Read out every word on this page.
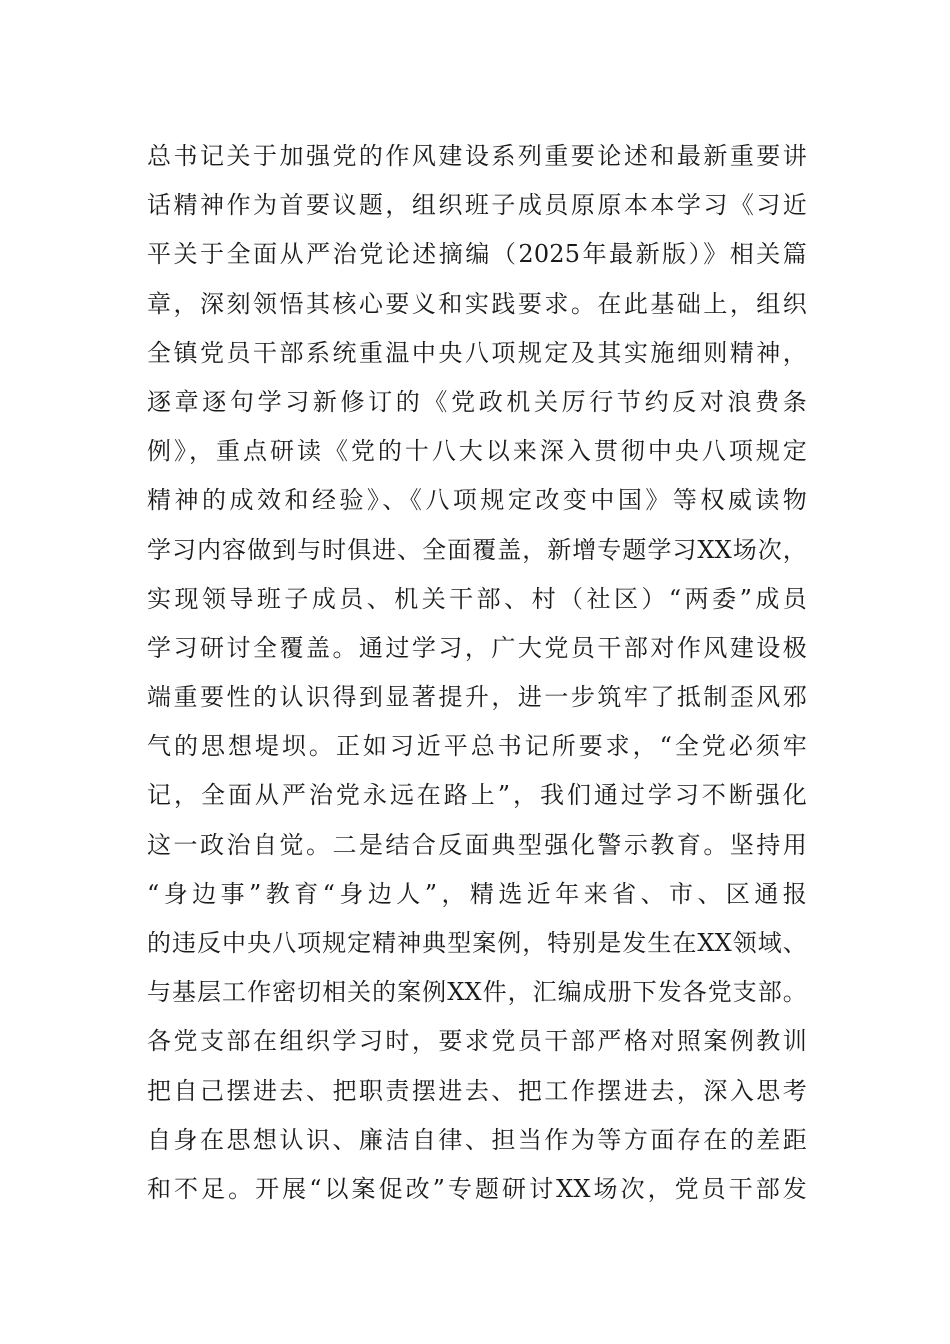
总书记关于加强党的作风建设系列重要论述和最新重要讲
话精神作为首要议题，组织班子成员原原本本学习《习近
平关于全面从严治党论述摘编（2025年最新版）》相关篇
章，深刻领悟其核心要义和实践要求。在此基础上，组织
全镇党员干部系统重温中央八项规定及其实施细则精神，
逐章逐句学习新修订的《党政机关厉行节约反对浪费条
例》，重点研读《党的十八大以来深入贯彻中央八项规定
精神的成效和经验》、《八项规定改变中国》等权威读物
学习内容做到与时俱进、全面覆盖，新增专题学习XX场次，
实现领导班子成员、机关干部、村（社区）“两委”成员
学习研讨全覆盖。通过学习，广大党员干部对作风建设极
端重要性的认识得到显著提升，进一步筑牢了抵制歪风邪
气的思想堤坝。正如习近平总书记所要求，“全党必须牢
记，全面从严治党永远在路上”，我们通过学习不断强化
这一政治自觉。二是结合反面典型强化警示教育。坚持用
“身边事”教育“身边人”，精选近年来省、市、区通报
的违反中央八项规定精神典型案例，特别是发生在XX领域、
与基层工作密切相关的案例XX件，汇编成册下发各党支部。
各党支部在组织学习时，要求党员干部严格对照案例教训
把自己摆进去、把职责摆进去、把工作摆进去，深入思考
自身在思想认识、廉洁自律、担当作为等方面存在的差距
和不足。开展“以案促改”专题研讨XX场次，党员干部发
